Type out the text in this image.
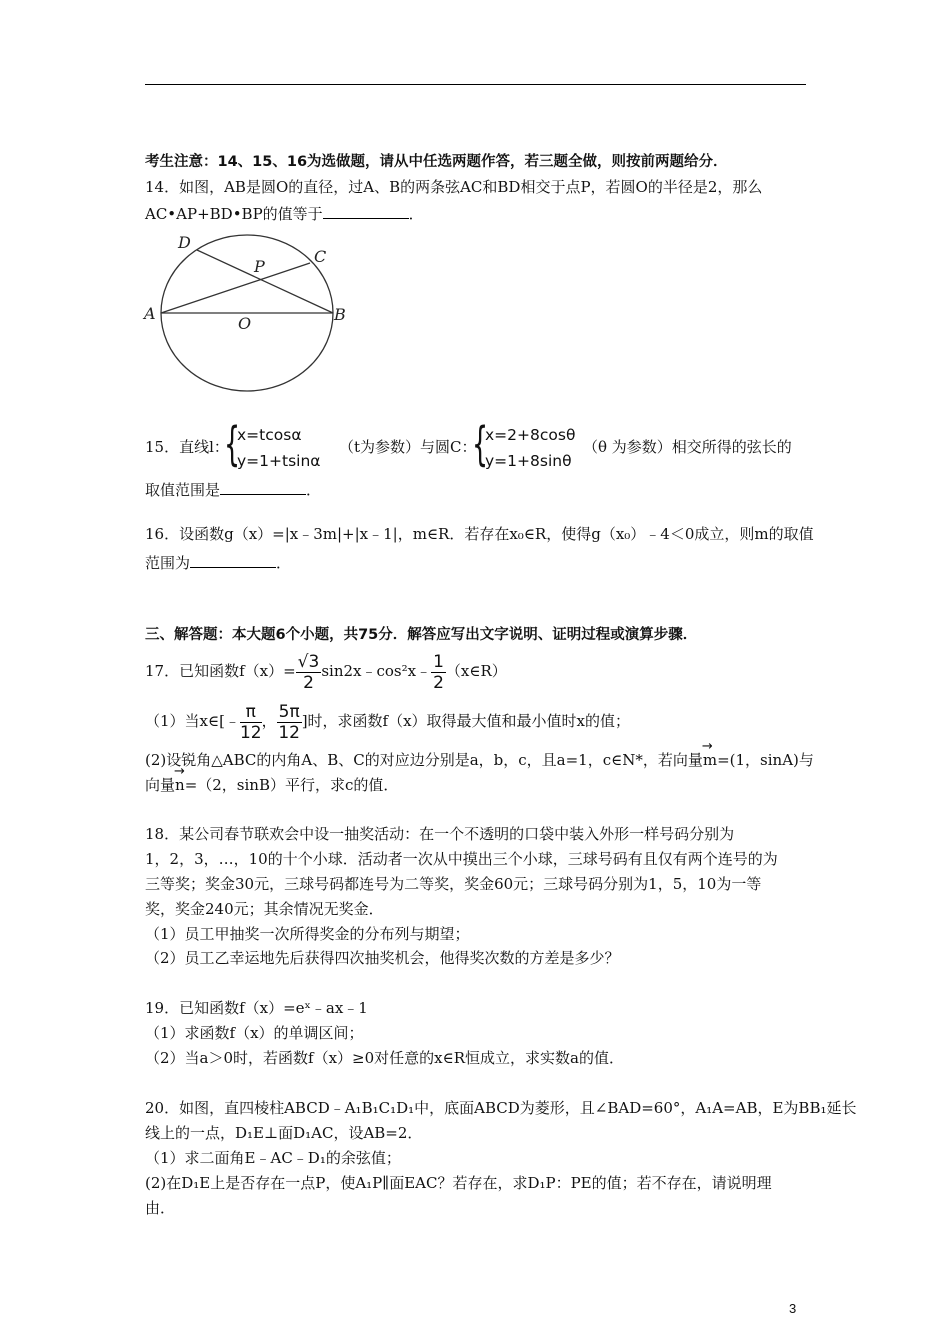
考生注意：14、15、16为选做题，请从中任选两题作答，若三题全做，则按前两题给分．
14．如图，AB是圆O的直径，过A、B的两条弦AC和BD相交于点P，若圆O的半径是2，那么
AC•AP+BD•BP的值等于	．
D
C
P
A
O	B
15．直线l：
{
x=tcosα
y=1+tsinα
（t为参数）与圆C：
{
x=2+8cosθ
y=1+8sinθ
（θ 为参数）相交所得的弦长的
取值范围是	．
16．设函数g（x）=|x﹣3m|+|x﹣1|，m∈R．若存在x₀∈R，使得g（x₀）﹣4＜0成立，则m的取值
范围为	．
三、解答题：本大题6个小题，共75分．解答应写出文字说明、证明过程或演算步骤．
17．已知函数$f(x)= \frac{√3}{2}$ sin2x﹣cos²x﹣ $\frac{1}{2}$ （x∈R）
（1）当x∈[﹣ $\frac{\pi}{12}$ ， $\frac{5\pi}{12}$ ]时，求函数f（x）取得最大值和最小值时x的值；
(2)设锐角△ABC的内角A、B、C的对应边分别是a，b，c，且a=1，c∈N*，若向量→ m=(1，sinA)与
向量→ n=（2，sinB）平行，求c的值．
18．某公司春节联欢会中设一抽奖活动：在一个不透明的口袋中装入外形一样号码分别为
1，2，3，…，10的十个小球．活动者一次从中摸出三个小球，三球号码有且仅有两个连号的为
三等奖；奖金30元，三球号码都连号为二等奖，奖金60元；三球号码分别为1，5，10为一等
奖，奖金240元；其余情况无奖金．
（1）员工甲抽奖一次所得奖金的分布列与期望；
（2）员工乙幸运地先后获得四次抽奖机会，他得奖次数的方差是多少？
19．已知函数f（x）=eˣ﹣ax﹣1
（1）求函数f（x）的单调区间；
（2）当a＞0时，若函数f（x）≥0对任意的x∈R恒成立，求实数a的值．
20．如图，直四棱柱ABCD﹣A₁B₁C₁D₁中，底面ABCD为菱形，且∠BAD=60°，A₁A=AB，E为BB₁延长
线上的一点，D₁E⊥面D₁AC，设AB=2．
（1）求二面角E﹣AC﹣D₁的余弦值；
(2)在D₁E上是否存在一点P，使A₁P∥面EAC？若存在，求D₁P：PE的值；若不存在，请说明理
由．
3
